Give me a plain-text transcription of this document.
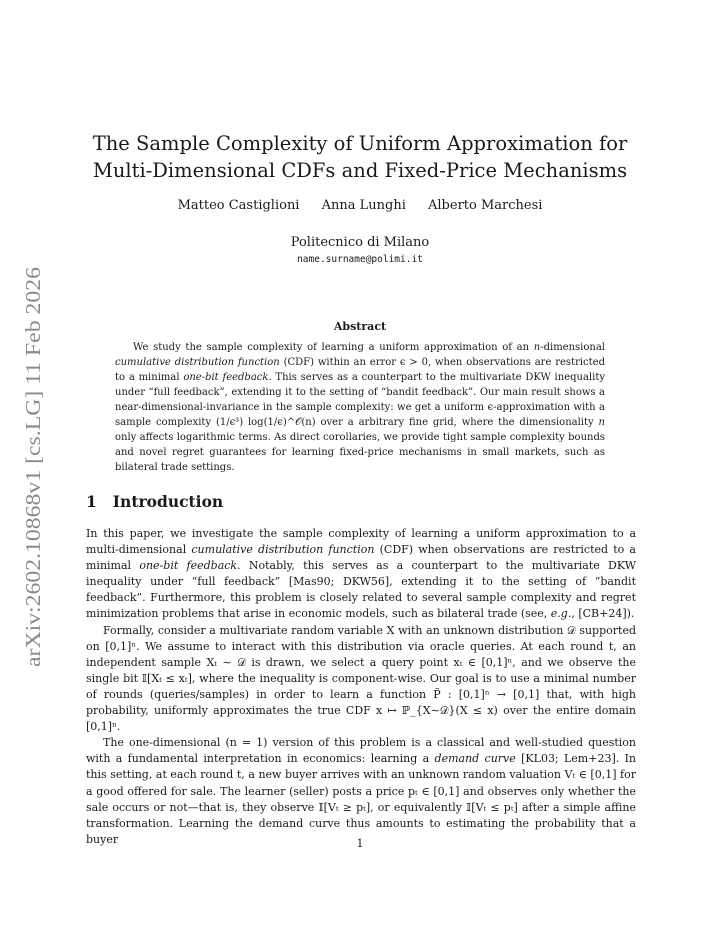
arXiv:2602.10868v1 [cs.LG] 11 Feb 2026
The Sample Complexity of Uniform Approximation for
Multi-Dimensional CDFs and Fixed-Price Mechanisms
Matteo Castiglioni Anna Lunghi Alberto Marchesi
Politecnico di Milano
name.surname@polimi.it
Abstract
We study the sample complexity of learning a uniform approximation of an n-dimensional cumulative distribution function (CDF) within an error ϵ > 0, when observations are restricted to a minimal one-bit feedback. This serves as a counterpart to the multivariate DKW inequality under “full feedback”, extending it to the setting of “bandit feedback”. Our main result shows a near-dimensional-invariance in the sample complexity: we get a uniform ϵ-approximation with a sample complexity (1/ϵ³) log(1/ϵ)^𝒪(n) over a arbitrary fine grid, where the dimensionality n only affects logarithmic terms. As direct corollaries, we provide tight sample complexity bounds and novel regret guarantees for learning fixed-price mechanisms in small markets, such as bilateral trade settings.
1 Introduction

In this paper, we investigate the sample complexity of learning a uniform approximation to a multi-dimensional cumulative distribution function (CDF) when observations are restricted to a minimal one-bit feedback. Notably, this serves as a counterpart to the multivariate DKW inequality under “full feedback” [Mas90; DKW56], extending it to the setting of “bandit feedback”. Furthermore, this problem is closely related to several sample complexity and regret minimization problems that arise in economic models, such as bilateral trade (see, e.g., [CB+24]).

Formally, consider a multivariate random variable X with an unknown distribution 𝒟 supported on [0,1]ⁿ. We assume to interact with this distribution via oracle queries. At each round t, an independent sample Xₜ ∼ 𝒟 is drawn, we select a query point xₜ ∈ [0,1]ⁿ, and we observe the single bit 𝕀[Xₜ ≤ xₜ], where the inequality is component-wise. Our goal is to use a minimal number of rounds (queries/samples) in order to learn a function P̃ : [0,1]ⁿ → [0,1] that, with high probability, uniformly approximates the true CDF x ↦ ℙ_{X∼𝒟}(X ≤ x) over the entire domain [0,1]ⁿ.

The one-dimensional (n = 1) version of this problem is a classical and well-studied question with a fundamental interpretation in economics: learning a demand curve [KL03; Lem+23]. In this setting, at each round t, a new buyer arrives with an unknown random valuation Vₜ ∈ [0,1] for a good offered for sale. The learner (seller) posts a price pₜ ∈ [0,1] and observes only whether the sale occurs or not—that is, they observe 𝕀[Vₜ ≥ pₜ], or equivalently 𝕀[Vₜ ≤ pₜ] after a simple affine transformation. Learning the demand curve thus amounts to estimating the probability that a buyer	1
